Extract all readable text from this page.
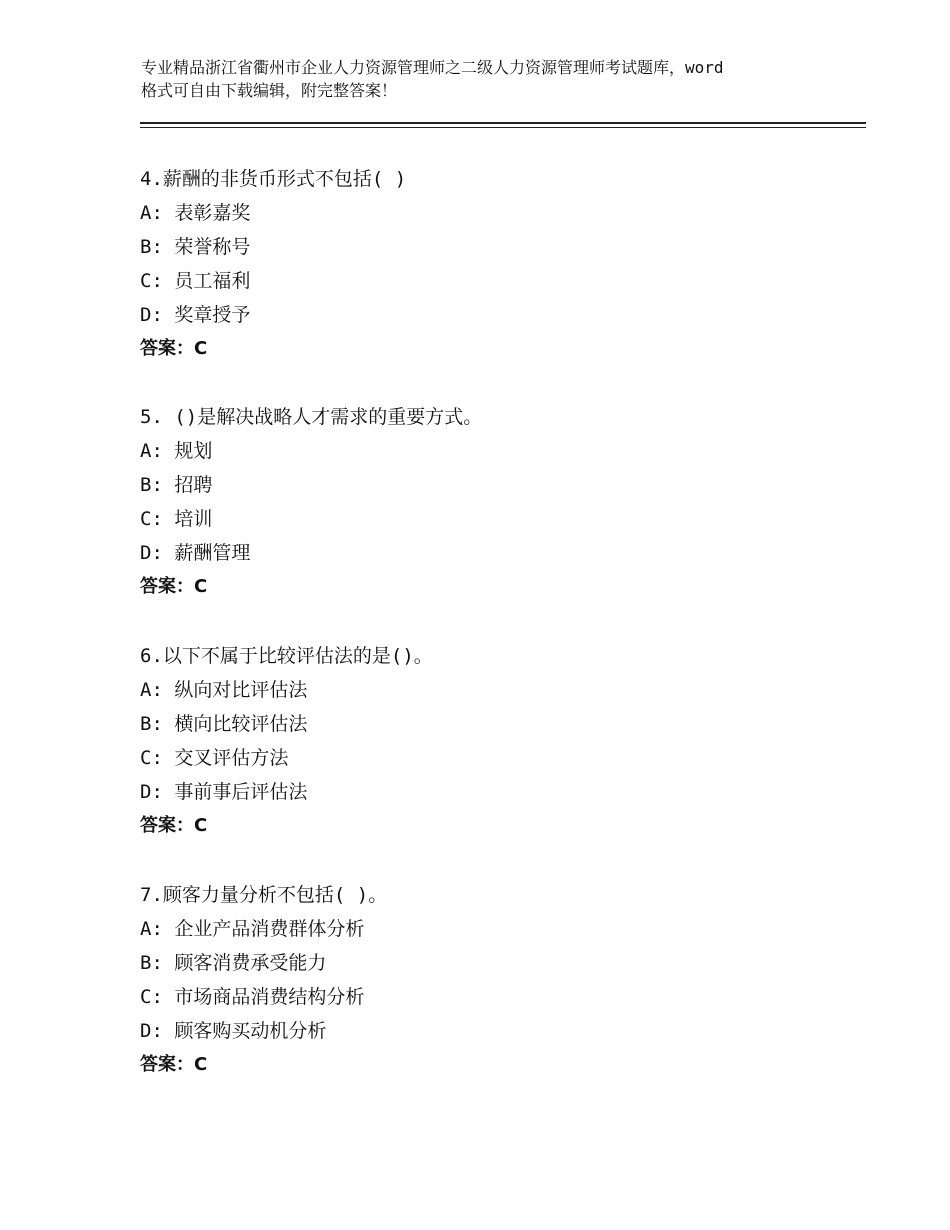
专业精品浙江省衢州市企业人力资源管理师之二级人力资源管理师考试题库，word
格式可自由下载编辑，附完整答案！
4.薪酬的非货币形式不包括( )
A: 表彰嘉奖
B: 荣誉称号
C: 员工福利
D: 奖章授予
答案：C
5. ()是解决战略人才需求的重要方式。
A: 规划
B: 招聘
C: 培训
D: 薪酬管理
答案：C
6.以下不属于比较评估法的是()。
A: 纵向对比评估法
B: 横向比较评估法
C: 交叉评估方法
D: 事前事后评估法
答案：C
7.顾客力量分析不包括( )。
A: 企业产品消费群体分析
B: 顾客消费承受能力
C: 市场商品消费结构分析
D: 顾客购买动机分析
答案：C
